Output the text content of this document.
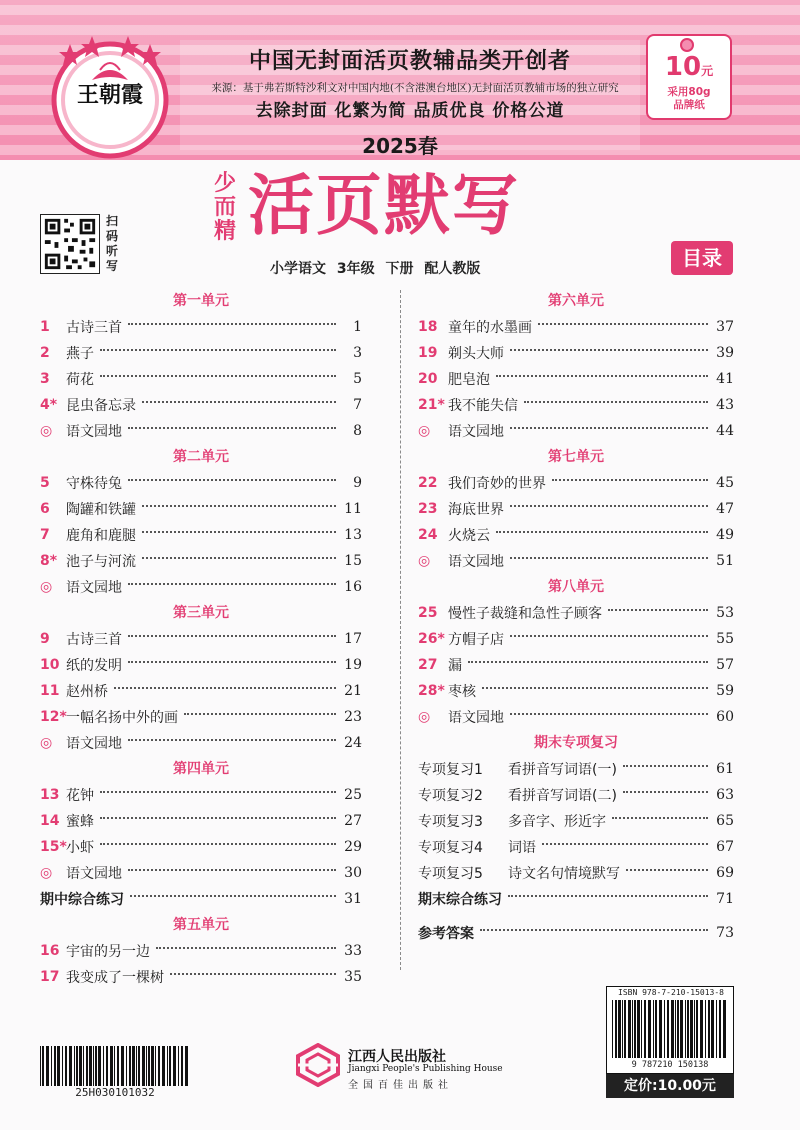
王朝霞
中国无封面活页教辅品类开创者
来源：基于弗若斯特沙利文对中国内地(不含港澳台地区)无封面活页教辅市场的独立研究
去除封面 化繁为简 品质优良 价格公道
2025春
10元
采用80g
品牌纸
扫码听写
少而精 活页默写
小学语文 3年级 下册 配人教版	目录
第一单元
1	古诗三首	1
2	燕子	3
3	荷花	5
4* 昆虫备忘录	7
◎ 语文园地	8
第二单元
5	守株待兔	9
6	陶罐和铁罐	11
7	鹿角和鹿腿	13
8* 池子与河流	15
◎ 语文园地	16
第三单元
9	古诗三首	17
10 纸的发明	19
11 赵州桥	21
12* 一幅名扬中外的画	23
◎ 语文园地	24
第四单元
13 花钟	25
14 蜜蜂	27
15* 小虾	29
◎ 语文园地	30
期中综合练习	31
第五单元
16 宇宙的另一边	33
17 我变成了一棵树	35
第六单元
18 童年的水墨画	37
19 剃头大师	39
20 肥皂泡	41
21* 我不能失信	43
◎	语文园地	44
第七单元
22 我们奇妙的世界	45
23 海底世界	47
24 火烧云	49
◎	语文园地	51
第八单元
25 慢性子裁缝和急性子顾客	53
26* 方帽子店	55
27 漏	57
28* 枣核	59
◎	语文园地	60
期末专项复习
专项复习1	看拼音写词语(一)	61
专项复习2	看拼音写词语(二)	63
专项复习3	多音字、形近字	65
专项复习4	词语	67
专项复习5	诗文名句情境默写	69
期末综合练习	71
参考答案	73
25H030101032
江西人民出版社
Jiangxi People's Publishing House
全国百佳出版社
ISBN 978-7-210-15013-8
9 787210 150138
定价:10.00元
